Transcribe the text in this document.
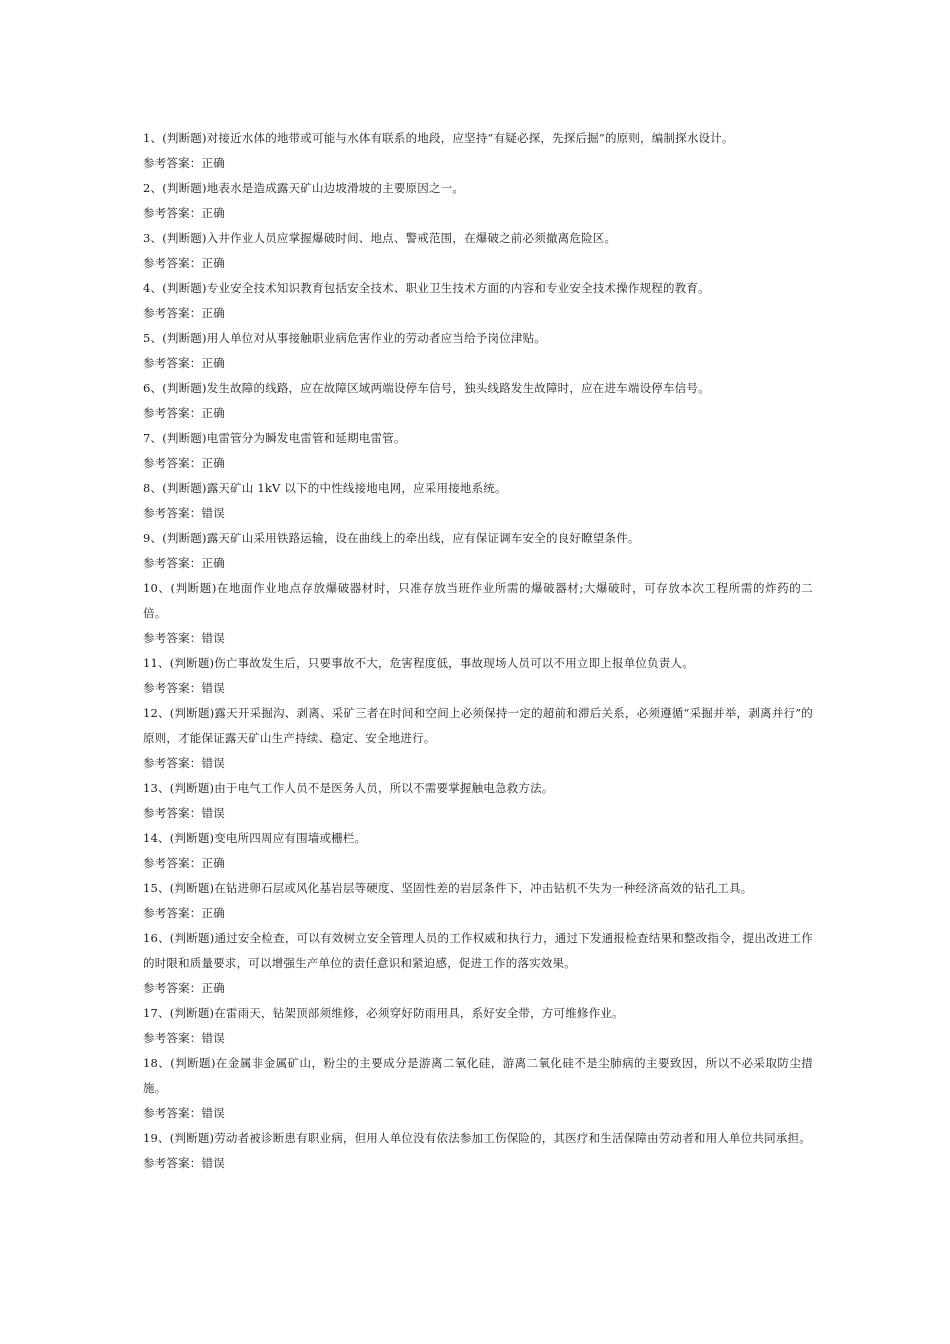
1、(判断题)对接近水体的地带或可能与水体有联系的地段，应坚持“有疑必探，先探后掘”的原则，编制探水设计。

参考答案：正确

2、(判断题)地表水是造成露天矿山边坡滑坡的主要原因之一。

参考答案：正确

3、(判断题)入井作业人员应掌握爆破时间、地点、警戒范围，在爆破之前必须撤离危险区。

参考答案：正确

4、(判断题)专业安全技术知识教育包括安全技术、职业卫生技术方面的内容和专业安全技术操作规程的教育。

参考答案：正确

5、(判断题)用人单位对从事接触职业病危害作业的劳动者应当给予岗位津贴。

参考答案：正确

6、(判断题)发生故障的线路，应在故障区域两端设停车信号，独头线路发生故障时，应在进车端设停车信号。

参考答案：正确

7、(判断题)电雷管分为瞬发电雷管和延期电雷管。

参考答案：正确

8、(判断题)露天矿山 1kV 以下的中性线接地电网，应采用接地系统。

参考答案：错误

9、(判断题)露天矿山采用铁路运输，设在曲线上的牵出线，应有保证调车安全的良好瞭望条件。

参考答案：正确

10、(判断题)在地面作业地点存放爆破器材时，只准存放当班作业所需的爆破器材;大爆破时，可存放本次工程所需的炸药的二倍。

参考答案：错误

11、(判断题)伤亡事故发生后，只要事故不大，危害程度低，事故现场人员可以不用立即上报单位负责人。

参考答案：错误

12、(判断题)露天开采掘沟、剥离、采矿三者在时间和空间上必须保持一定的超前和滞后关系，必须遵循“采掘并举，剥离并行”的原则，才能保证露天矿山生产持续、稳定、安全地进行。

参考答案：错误

13、(判断题)由于电气工作人员不是医务人员，所以不需要掌握触电急救方法。

参考答案：错误

14、(判断题)变电所四周应有围墙或栅栏。

参考答案：正确

15、(判断题)在钻进卵石层或风化基岩层等硬度、坚固性差的岩层条件下，冲击钻机不失为一种经济高效的钻孔工具。

参考答案：正确

16、(判断题)通过安全检查，可以有效树立安全管理人员的工作权威和执行力，通过下发通报检查结果和整改指令，提出改进工作的时限和质量要求，可以增强生产单位的责任意识和紧迫感，促进工作的落实效果。

参考答案：正确

17、(判断题)在雷雨天，钻架顶部须维修，必须穿好防雨用具，系好安全带，方可维修作业。

参考答案：错误

18、(判断题)在金属非金属矿山，粉尘的主要成分是游离二氧化硅，游离二氧化硅不是尘肺病的主要致因，所以不必采取防尘措施。

参考答案：错误

19、(判断题)劳动者被诊断患有职业病，但用人单位没有依法参加工伤保险的，其医疗和生活保障由劳动者和用人单位共同承担。

参考答案：错误
